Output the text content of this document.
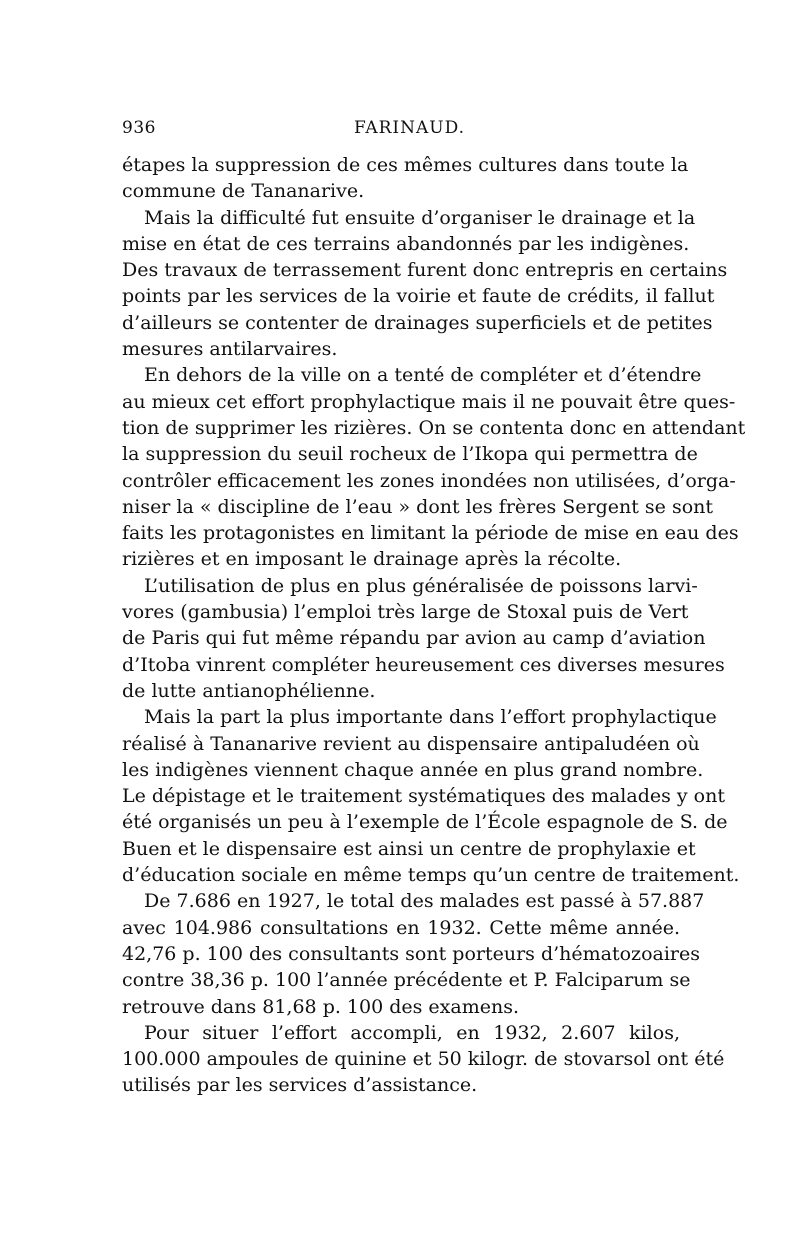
936	FARINAUD.

étapes la suppression de ces mêmes cultures dans toute la
commune de Tananarive.

Mais la difficulté fut ensuite d’organiser le drainage et la
mise en état de ces terrains abandonnés par les indigènes.
Des travaux de terrassement furent donc entrepris en certains
points par les services de la voirie et faute de crédits, il fallut
d’ailleurs se contenter de drainages superficiels et de petites
mesures antilarvaires.

En dehors de la ville on a tenté de compléter et d’étendre
au mieux cet effort prophylactique mais il ne pouvait être ques-
tion de supprimer les rizières. On se contenta donc en attendant
la suppression du seuil rocheux de l’Ikopa qui permettra de
contrôler efficacement les zones inondées non utilisées, d’orga-
niser la « discipline de l’eau » dont les frères Sergent se sont
faits les protagonistes en limitant la période de mise en eau des
rizières et en imposant le drainage après la récolte.

L’utilisation de plus en plus généralisée de poissons larvi-
vores (gambusia) l’emploi très large de Stoxal puis de Vert
de Paris qui fut même répandu par avion au camp d’aviation
d’Itoba vinrent compléter heureusement ces diverses mesures
de lutte antianophélienne.

Mais la part la plus importante dans l’effort prophylactique
réalisé à Tananarive revient au dispensaire antipaludéen où
les indigènes viennent chaque année en plus grand nombre.
Le dépistage et le traitement systématiques des malades y ont
été organisés un peu à l’exemple de l’École espagnole de S. de
Buen et le dispensaire est ainsi un centre de prophylaxie et
d’éducation sociale en même temps qu’un centre de traitement.

De 7.686 en 1927, le total des malades est passé à 57.887
avec 104.986 consultations en 1932. Cette même année.
42,76 p. 100 des consultants sont porteurs d’hématozoaires
contre 38,36 p. 100 l’année précédente et P. Falciparum se
retrouve dans 81,68 p. 100 des examens.

Pour situer l’effort accompli, en 1932, 2.607 kilos,
100.000 ampoules de quinine et 50 kilogr. de stovarsol ont été
utilisés par les services d’assistance.
